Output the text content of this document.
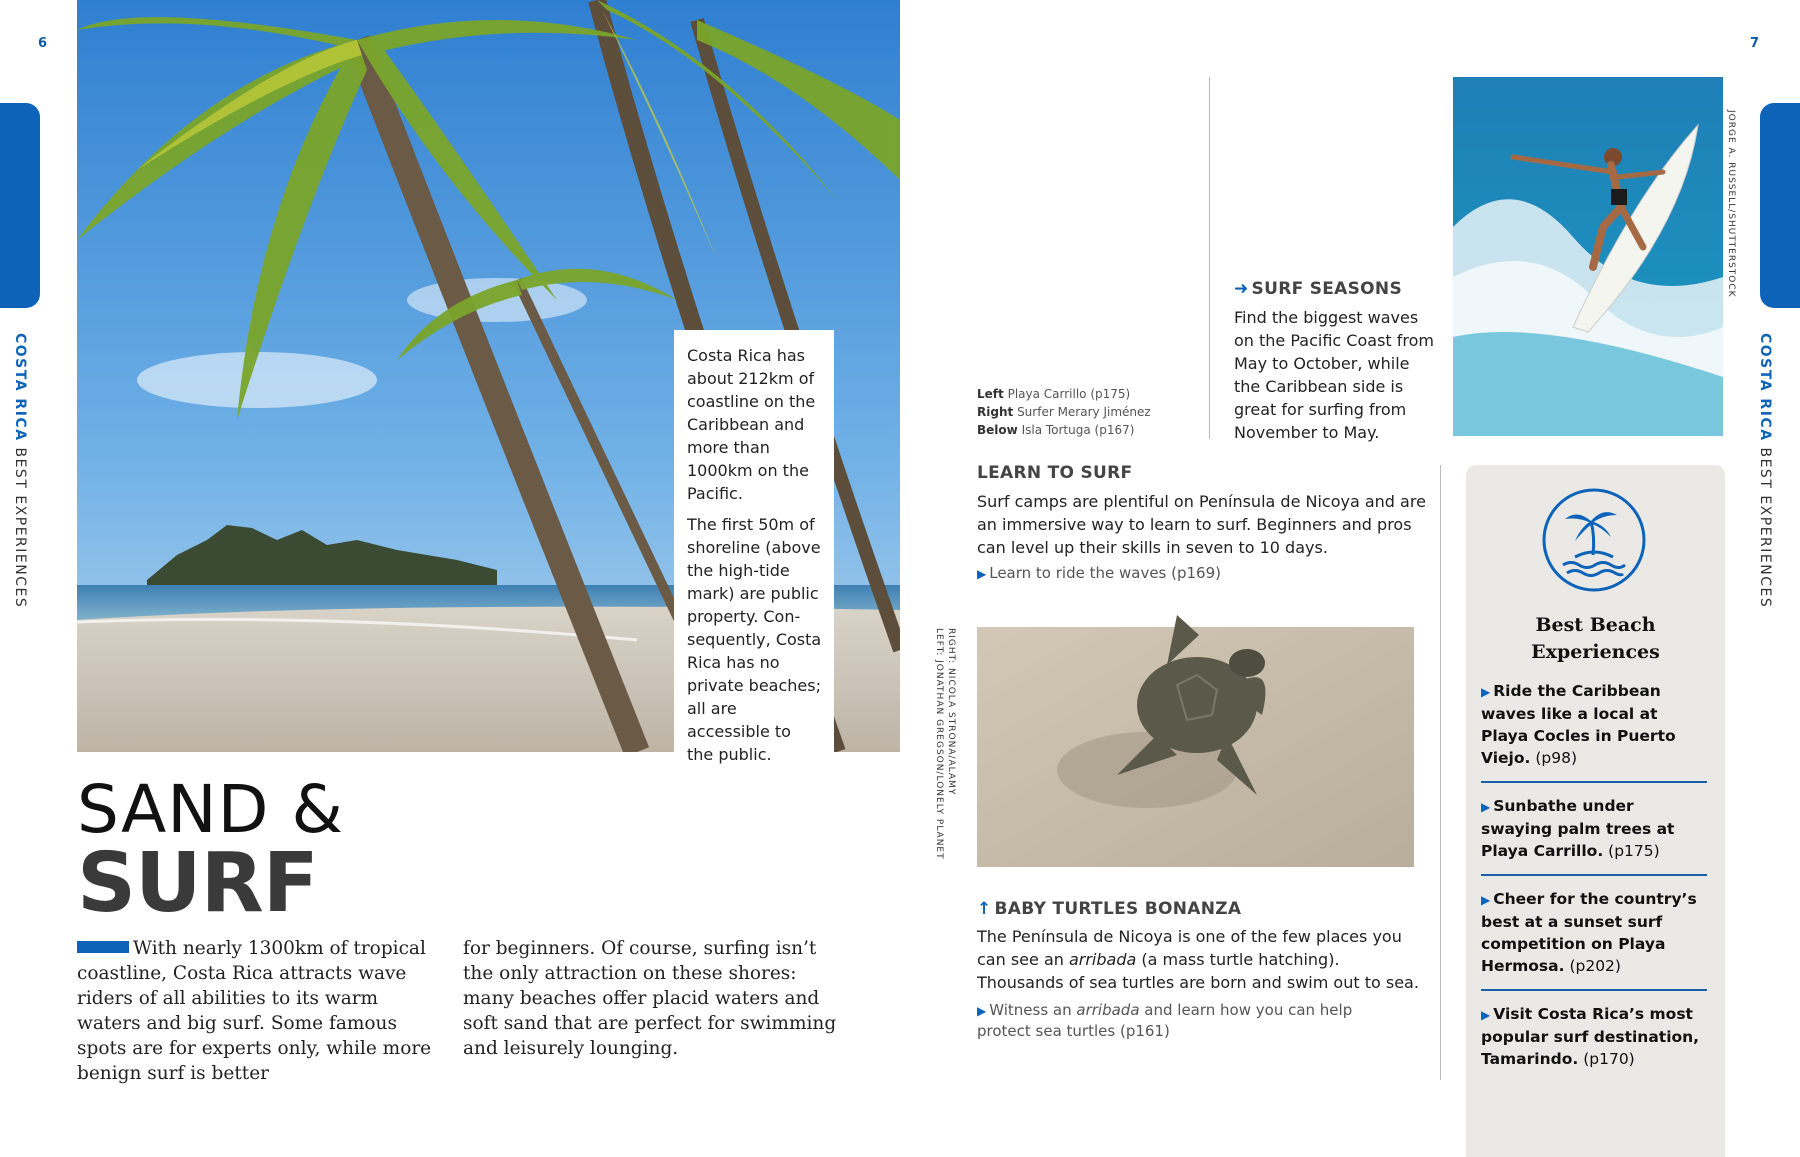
6	7
COSTA RICA BEST EXPERIENCES
COSTA RICA BEST EXPERIENCES

Costa Rica has about 212km of coastline on the Caribbean and more than 1000km on the Pacific.

The first 50m of shoreline (above the high-tide mark) are public property. Con-sequently, Costa Rica has no private beaches; all are accessible to the public.

SAND &
SURF
With nearly 1300km of tropical coastline, Costa Rica attracts wave riders of all abilities to its warm waters and big surf. Some famous spots are for experts only, while more benign surf is better
for beginners. Of course, surfing isn’t the only attraction on these shores: many beaches offer placid waters and soft sand that are perfect for swimming and leisurely lounging.
Left Playa Carrillo (p175)
Right Surfer Merary Jiménez
Below Isla Tortuga (p167)
➜ SURF SEASONS
Find the biggest waves on the Pacific Coast from May to October, while the Caribbean side is great for surfing from November to May.
JORGE A. RUSSELL/SHUTTERSTOCK
LEARN TO SURF
Surf camps are plentiful on Península de Nicoya and are an immersive way to learn to surf. Beginners and pros can level up their skills in seven to 10 days.
▶ Learn to ride the waves (p169)
RIGHT: NICOLA STRONA/ALAMY
LEFT: JONATHAN GREGSON/LONELY PLANET
↑ BABY TURTLES BONANZA
The Península de Nicoya is one of the few places you can see an arribada (a mass turtle hatching). Thousands of sea turtles are born and swim out to sea.
▶ Witness an arribada and learn how you can help protect sea turtles (p161)
Best Beach
Experiences
▶ Ride the Caribbean waves like a local at Playa Cocles in Puerto Viejo. (p98)
▶ Sunbathe under swaying palm trees at Playa Carrillo. (p175)
▶ Cheer for the country’s best at a sunset surf competition on Playa Hermosa. (p202)
▶ Visit Costa Rica’s most popular surf destination, Tamarindo. (p170)
